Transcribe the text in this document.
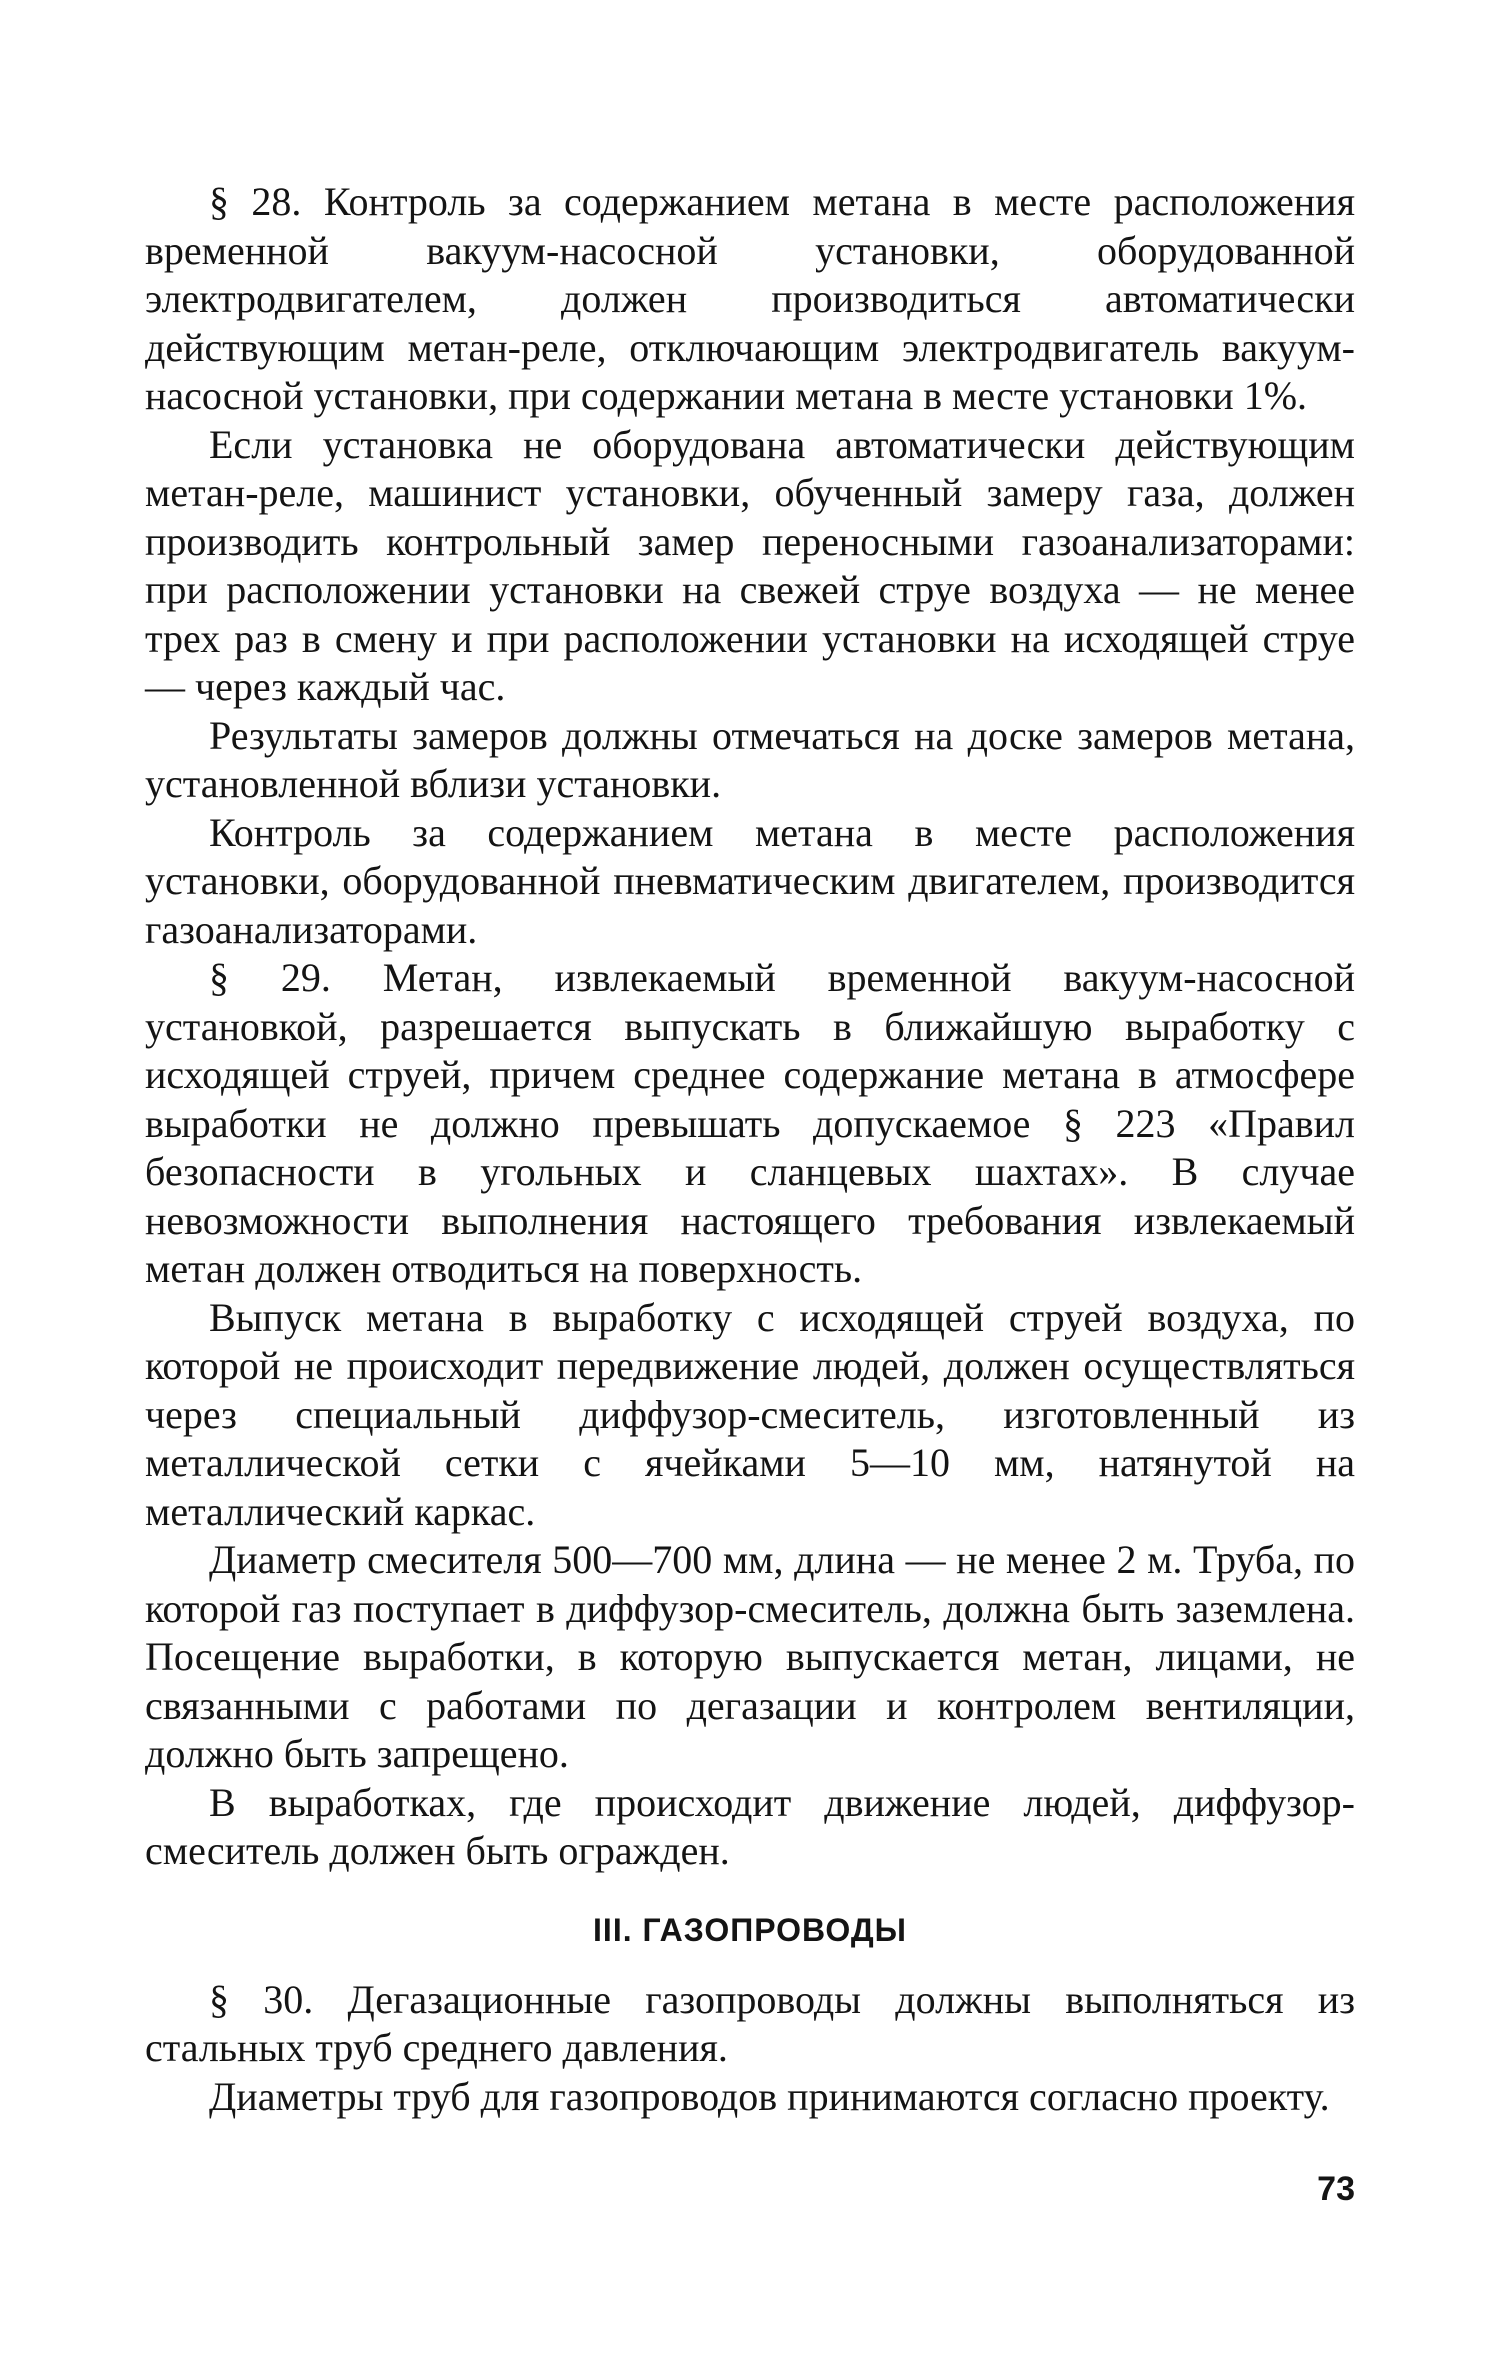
§ 28. Контроль за содержанием метана в месте расположения временной вакуум-насосной установки, оборудованной электродвигателем, должен производиться автоматически действующим метан-реле, отключающим электродвигатель вакуум-насосной установки, при содержании метана в месте установки 1%.

Если установка не оборудована автоматически действующим метан-реле, машинист установки, обученный замеру газа, должен производить контрольный замер переносными газоанализаторами: при расположении установки на свежей струе воздуха — не менее трех раз в смену и при расположении установки на исходящей струе — через каждый час.

Результаты замеров должны отмечаться на доске замеров метана, установленной вблизи установки.

Контроль за содержанием метана в месте расположения установки, оборудованной пневматическим двигателем, производится газоанализаторами.

§ 29. Метан, извлекаемый временной вакуум-насосной установкой, разрешается выпускать в ближайшую выработку с исходящей струей, причем среднее содержание метана в атмосфере выработки не должно превышать допускаемое § 223 «Правил безопасности в угольных и сланцевых шахтах». В случае невозможности выполнения настоящего требования извлекаемый метан должен отводиться на поверхность.

Выпуск метана в выработку с исходящей струей воздуха, по которой не происходит передвижение людей, должен осуществляться через специальный диффузор-смеситель, изготовленный из металлической сетки с ячейками 5—10 мм, натянутой на металлический каркас.

Диаметр смесителя 500—700 мм, длина — не менее 2 м. Труба, по которой газ поступает в диффузор-смеситель, должна быть заземлена. Посещение выработки, в которую выпускается метан, лицами, не связанными с работами по дегазации и контролем вентиляции, должно быть запрещено.

В выработках, где происходит движение людей, диффузор-смеситель должен быть огражден.

III. ГАЗОПРОВОДЫ

§ 30. Дегазационные газопроводы должны выполняться из стальных труб среднего давления.

Диаметры труб для газопроводов принимаются согласно проекту.

73
